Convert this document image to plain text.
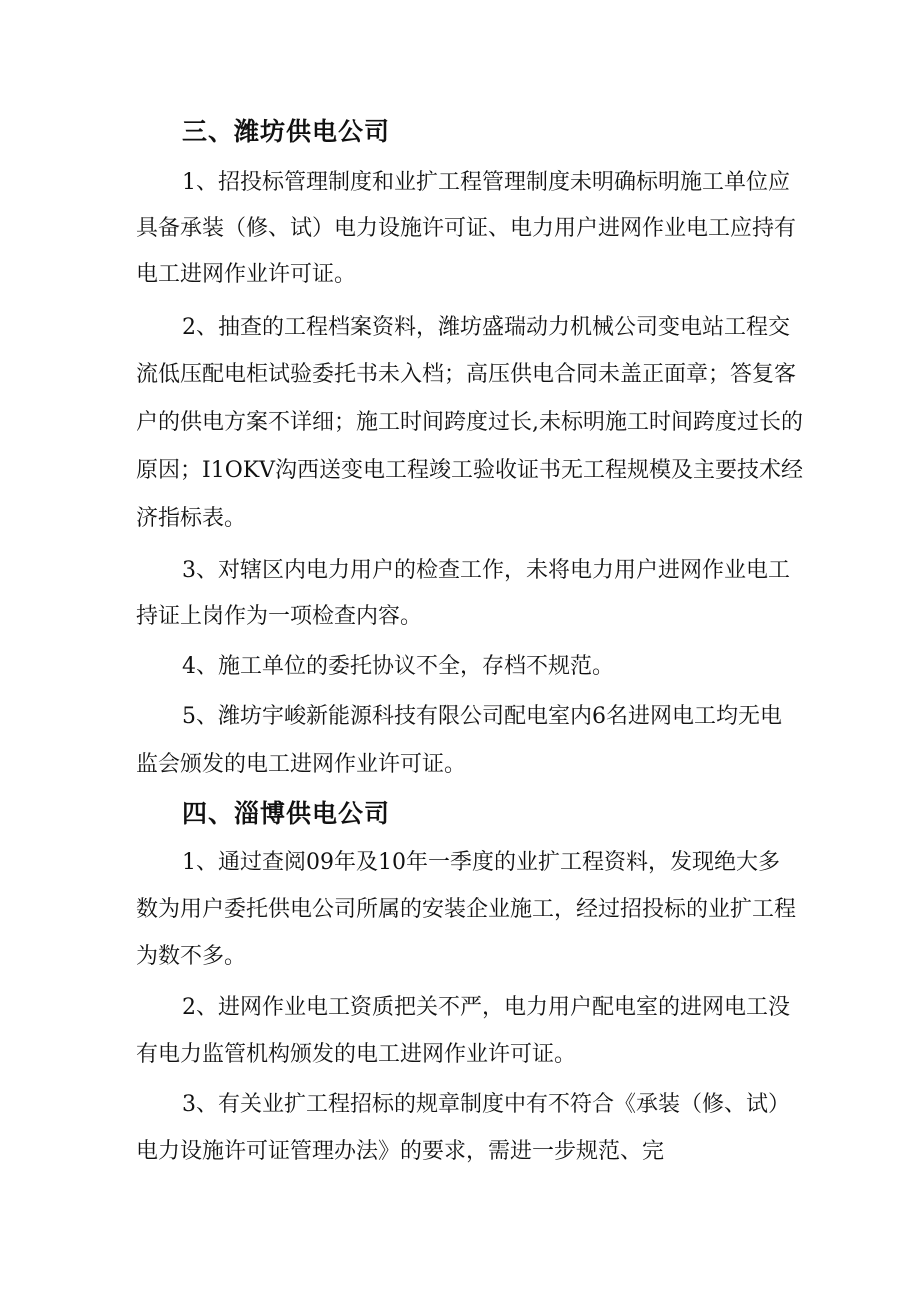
三、潍坊供电公司
1、招投标管理制度和业扩工程管理制度未明确标明施工单位应
具备承装（修、试）电力设施许可证、电力用户进网作业电工应持有
电工进网作业许可证。
2、抽查的工程档案资料，潍坊盛瑞动力机械公司变电站工程交
流低压配电柜试验委托书未入档；高压供电合同未盖正面章；答复客
户的供电方案不详细；施工时间跨度过长,未标明施工时间跨度过长的
原因；I1OKV沟西送变电工程竣工验收证书无工程规模及主要技术经
济指标表。
3、对辖区内电力用户的检查工作，未将电力用户进网作业电工
持证上岗作为一项检查内容。
4、施工单位的委托协议不全，存档不规范。
5、潍坊宇峻新能源科技有限公司配电室内6名进网电工均无电
监会颁发的电工进网作业许可证。
四、淄博供电公司
1、通过查阅09年及10年一季度的业扩工程资料，发现绝大多
数为用户委托供电公司所属的安装企业施工，经过招投标的业扩工程
为数不多。
2、进网作业电工资质把关不严，电力用户配电室的进网电工没
有电力监管机构颁发的电工进网作业许可证。
3、有关业扩工程招标的规章制度中有不符合《承装（修、试）
电力设施许可证管理办法》的要求，需进一步规范、完
